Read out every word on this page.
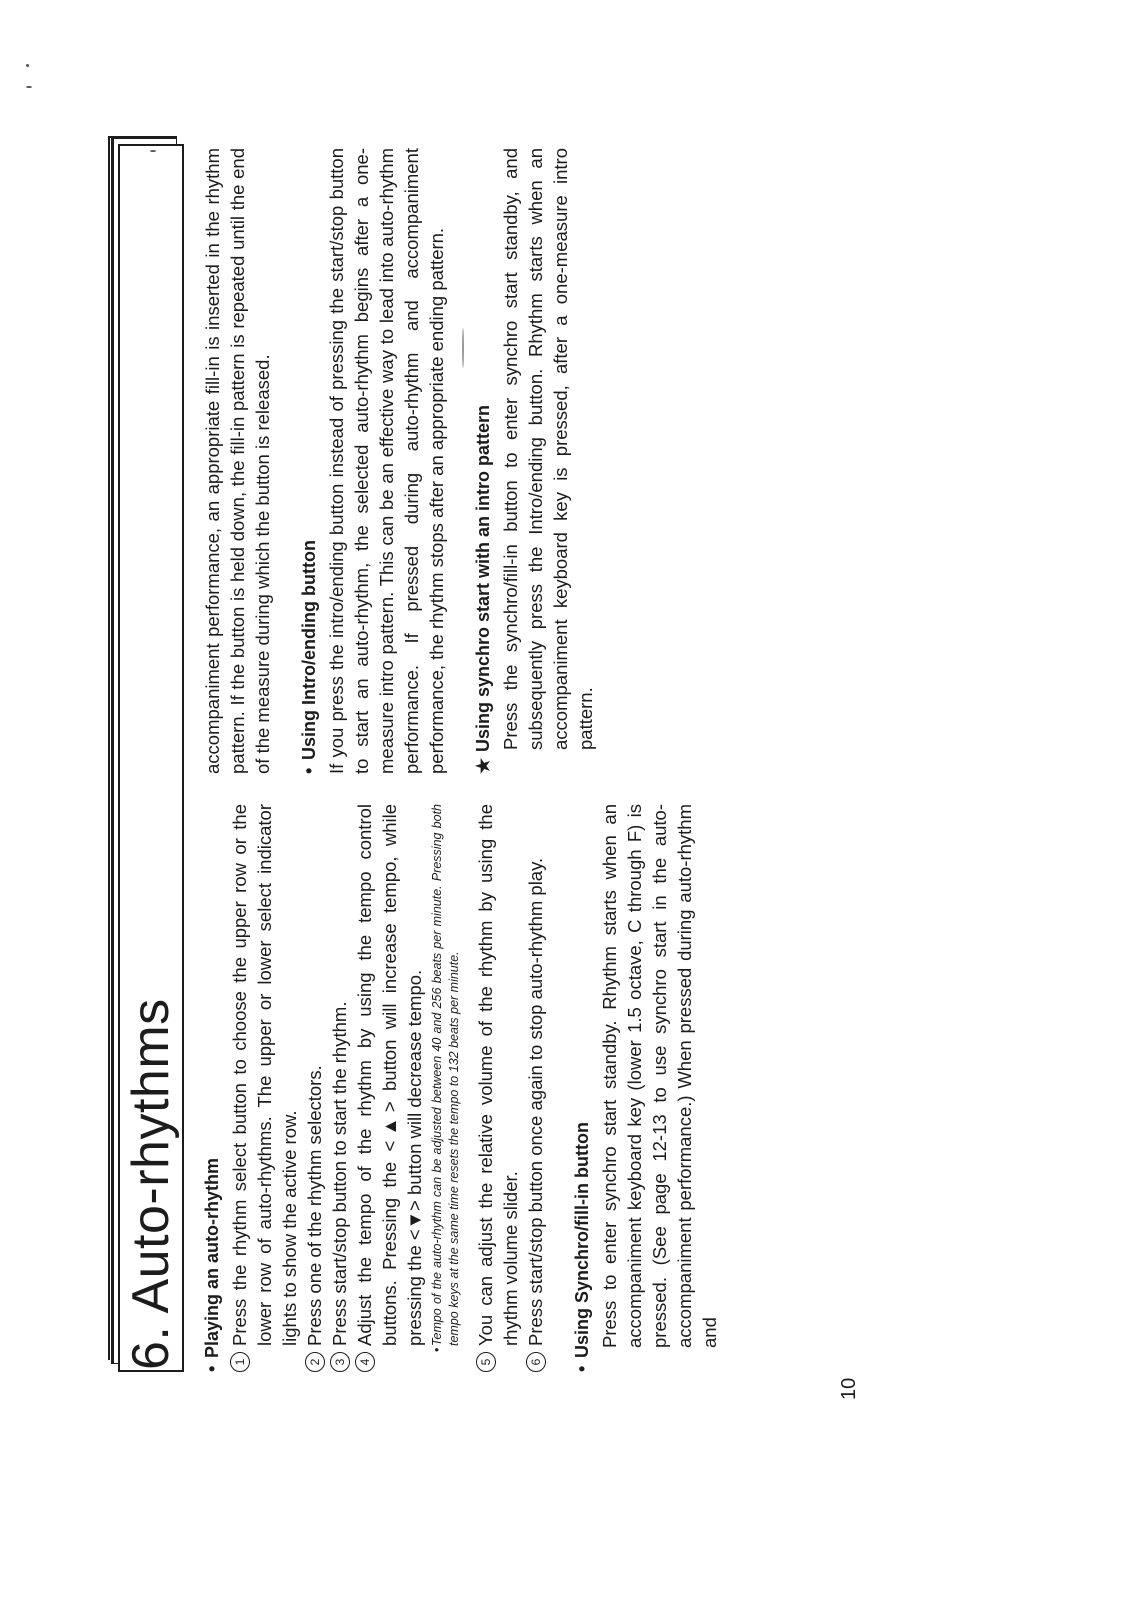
6. Auto-rhythms •Playing an auto-rhythm

1
Press the rhythm select button to choose the upper row or the lower row of auto-rhythms. The upper or lower select indicator lights to show the active row.

2
Press one of the rhythm selectors.

3
Press start/stop button to start the rhythm.

4
Adjust the tempo of the rhythm by using the tempo control buttons. Pressing the <▲> button will increase tempo, while pressing the <▼> button will decrease tempo.

•
Tempo of the auto-rhythm can be adjusted between 40 and 256 beats per minute. Pressing both tempo keys at the same time resets the tempo to 132 beats per minute.

5
You can adjust the relative volume of the rhythm by using the rhythm volume slider.

6
Press start/stop button once again to stop auto-rhythm play.

•Using Synchro/fill-in button Press to enter synchro start standby. Rhythm starts when an accompaniment keyboard key (lower 1.5 octave, C through F) is pressed. (See page 12-13 to use synchro start in the auto-accompaniment performance.) When pressed during auto-rhythm and

accompaniment performance, an appropriate fill-in is inserted in the rhythm pattern. If the button is held down, the fill-in pattern is repeated until the end of the measure during which the button is released. •Using Intro/ending button If you press the intro/ending button instead of pressing the start/stop button to start an auto-rhythm, the selected auto-rhythm begins after a one-measure intro pattern. This can be an effective way to lead into auto-rhythm performance. If pressed during auto-rhythm and accompaniment performance, the rhythm stops after an appropriate ending pattern. ★Using synchro start with an intro pattern Press the synchro/fill-in button to enter synchro start standby, and subsequently press the Intro/ending button. Rhythm starts when an accompaniment keyboard key is pressed, after a one-measure intro pattern.

10
